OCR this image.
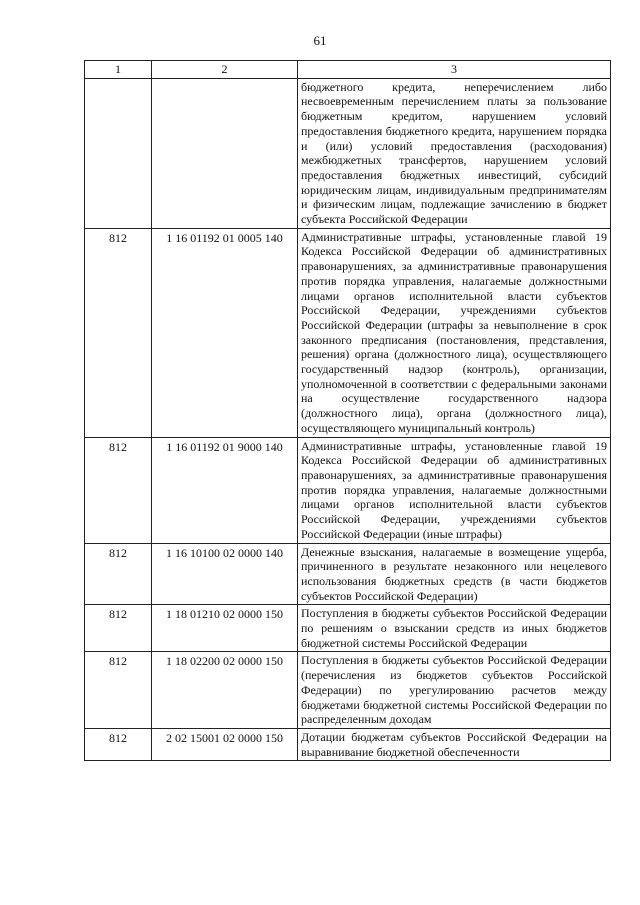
61
1	2	3
		бюджетного кредита, неперечислением либо несвоевременным перечислением платы за пользование бюджетным кредитом, нарушением условий предоставления бюджетного кредита, нарушением порядка и (или) условий предоставления (расходования) межбюджетных трансфертов, нарушением условий предоставления бюджетных инвестиций, субсидий юридическим лицам, индивидуальным предпринимателям и физическим лицам, подлежащие зачислению в бюджет субъекта Российской Федерации
812	1 16 01192 01 0005 140	Административные штрафы, установленные главой 19 Кодекса Российской Федерации об административных правонарушениях, за административные правонарушения против порядка управления, налагаемые должностными лицами органов исполнительной власти субъектов Российской Федерации, учреждениями субъектов Российской Федерации (штрафы за невыполнение в срок законного предписания (постановления, представления, решения) органа (должностного лица), осуществляющего государственный надзор (контроль), организации, уполномоченной в соответствии с федеральными законами на осуществление государственного надзора (должностного лица), органа (должностного лица), осуществляющего муниципальный контроль)
812	1 16 01192 01 9000 140	Административные штрафы, установленные главой 19 Кодекса Российской Федерации об административных правонарушениях, за административные правонарушения против порядка управления, налагаемые должностными лицами органов исполнительной власти субъектов Российской Федерации, учреждениями субъектов Российской Федерации (иные штрафы)
812	1 16 10100 02 0000 140	Денежные взыскания, налагаемые в возмещение ущерба, причиненного в результате незаконного или нецелевого использования бюджетных средств (в части бюджетов субъектов Российской Федерации)
812	1 18 01210 02 0000 150	Поступления в бюджеты субъектов Российской Федерации по решениям о взыскании средств из иных бюджетов бюджетной системы Российской Федерации
812	1 18 02200 02 0000 150	Поступления в бюджеты субъектов Российской Федерации (перечисления из бюджетов субъектов Российской Федерации) по урегулированию расчетов между бюджетами бюджетной системы Российской Федерации по распределенным доходам
812	2 02 15001 02 0000 150	Дотации бюджетам субъектов Российской Федерации на выравнивание бюджетной обеспеченности
